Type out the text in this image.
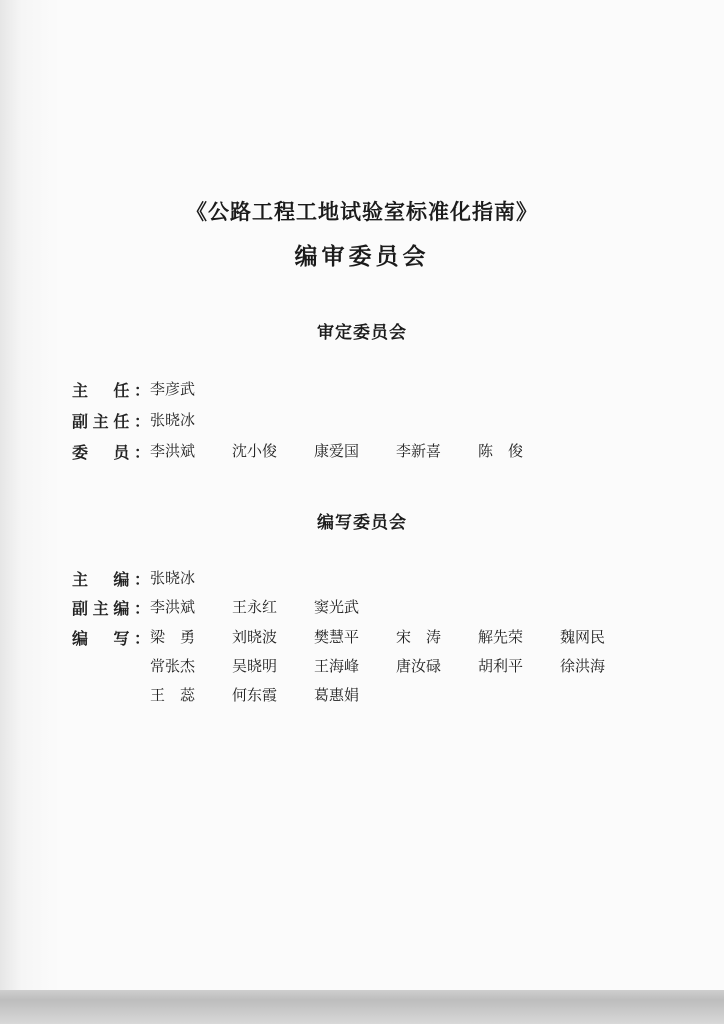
《公路工程工地试验室标准化指南》
编审委员会
审定委员会
主　任： 李彦武
副主任： 张晓冰
委　员： 李洪斌 沈小俊 康爱国 李新喜 陈　俊
编写委员会
主　编： 张晓冰
副主编： 李洪斌 王永红 窦光武
编　写： 梁　勇 刘晓波 樊慧平 宋　涛 解先荣 魏网民
常张杰 吴晓明 王海峰 唐汝碌 胡利平 徐洪海
王　蕊 何东霞 葛惠娟
